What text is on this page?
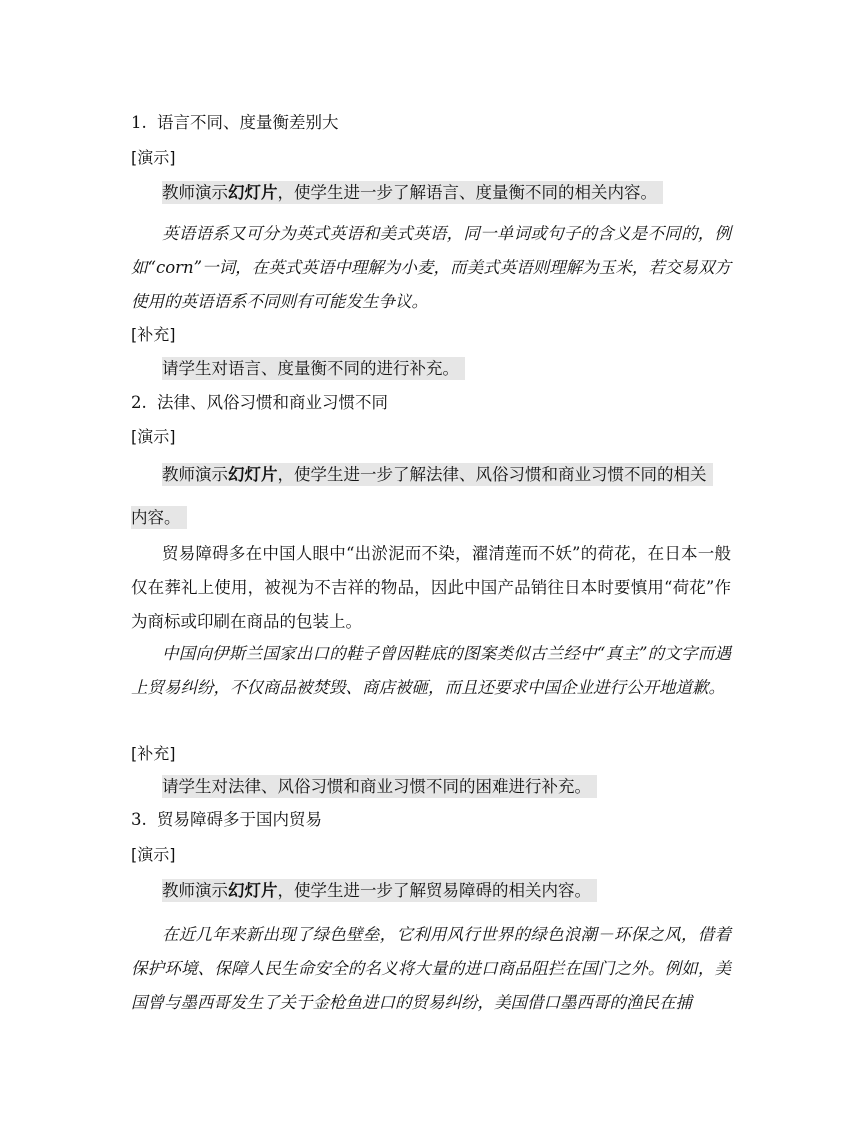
1. 语言不同、度量衡差别大
[演示]
教师演示幻灯片，使学生进一步了解语言、度量衡不同的相关内容。
英语语系又可分为英式英语和美式英语，同一单词或句子的含义是不同的，例如“corn”一词，在英式英语中理解为小麦，而美式英语则理解为玉米，若交易双方使用的英语语系不同则有可能发生争议。
[补充]
请学生对语言、度量衡不同的进行补充。
2. 法律、风俗习惯和商业习惯不同
[演示]
教师演示幻灯片，使学生进一步了解法律、风俗习惯和商业习惯不同的相关
内容。
贸易障碍多在中国人眼中“出淤泥而不染，濯清莲而不妖”的荷花，在日本一般仅在葬礼上使用，被视为不吉祥的物品，因此中国产品销往日本时要慎用“荷花”作为商标或印刷在商品的包装上。
中国向伊斯兰国家出口的鞋子曾因鞋底的图案类似古兰经中“真主”的文字而遇上贸易纠纷，不仅商品被焚毁、商店被砸，而且还要求中国企业进行公开地道歉。
[补充]
请学生对法律、风俗习惯和商业习惯不同的困难进行补充。
3. 贸易障碍多于国内贸易
[演示]
教师演示幻灯片，使学生进一步了解贸易障碍的相关内容。
在近几年来新出现了绿色壁垒，它利用风行世界的绿色浪潮－环保之风，借着保护环境、保障人民生命安全的名义将大量的进口商品阻拦在国门之外。例如，美国曾与墨西哥发生了关于金枪鱼进口的贸易纠纷，美国借口墨西哥的渔民在捕
